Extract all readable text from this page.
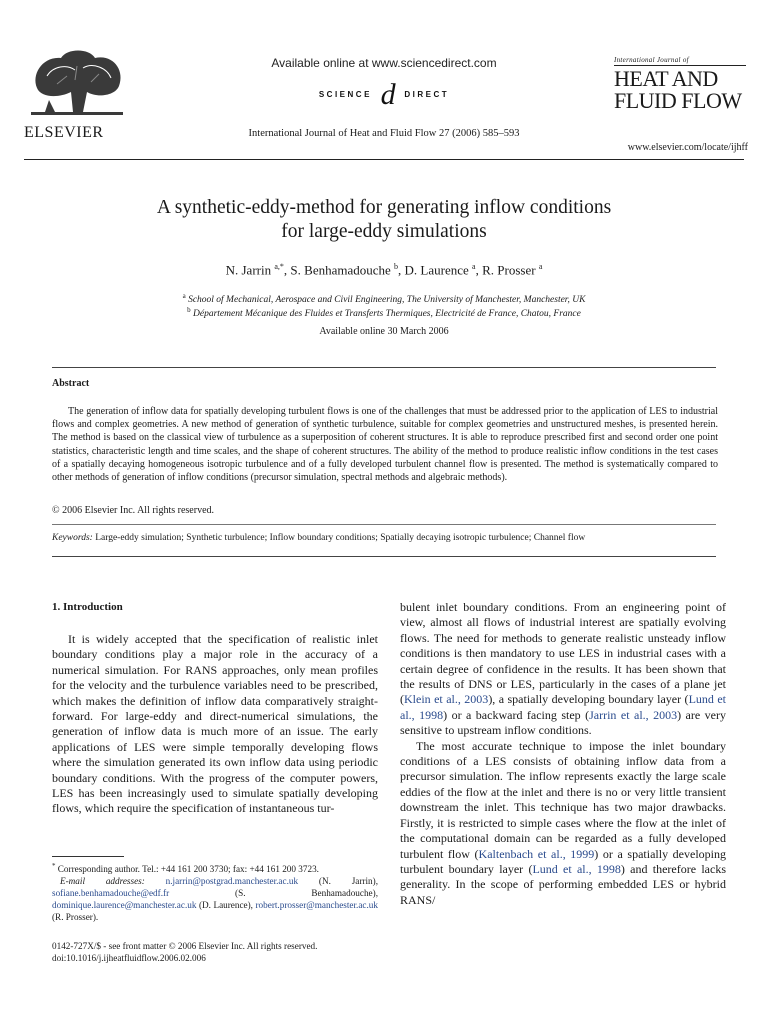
ELSEVIER
Available online at www.sciencedirect.com
SCIENCE d DIRECT
International Journal of Heat and Fluid Flow 27 (2006) 585–593
International Journal of
HEAT AND
FLUID FLOW
www.elsevier.com/locate/ijhff
A synthetic-eddy-method for generating inflow conditions
for large-eddy simulations
N. Jarrin $^{a,*}$, S. Benhamadouche $^b$, D. Laurence $^a$, R. Prosser $^a$
$^a$ School of Mechanical, Aerospace and Civil Engineering, The University of Manchester, Manchester, UK
$^b$ Département Mécanique des Fluides et Transferts Thermiques, Electricité de France, Chatou, France
Available online 30 March 2006
Abstract
The generation of inflow data for spatially developing turbulent flows is one of the challenges that must be addressed prior to the application of LES to industrial flows and complex geometries. A new method of generation of synthetic turbulence, suitable for complex geometries and unstructured meshes, is presented herein. The method is based on the classical view of turbulence as a superposition of coherent structures. It is able to reproduce prescribed first and second order one point statistics, characteristic length and time scales, and the shape of coherent structures. The ability of the method to produce realistic inflow conditions in the test cases of a spatially decaying homogeneous isotropic turbulence and of a fully developed turbulent channel flow is presented. The method is systematically compared to other methods of generation of inflow conditions (precursor simulation, spectral methods and algebraic methods).
© 2006 Elsevier Inc. All rights reserved.
Keywords: Large-eddy simulation; Synthetic turbulence; Inflow boundary conditions; Spatially decaying isotropic turbulence; Channel flow
1. Introduction
It is widely accepted that the specification of realistic inlet boundary conditions play a major role in the accuracy of a numerical simulation. For RANS approaches, only mean profiles for the velocity and the turbulence variables need to be prescribed, which makes the definition of inflow data comparatively straight-forward. For large-eddy and direct-numerical simulations, the generation of inflow data is much more of an issue. The early applications of LES were simple temporally developing flows where the simulation generated its own inflow data using periodic boundary conditions. With the progress of the computer powers, LES has been increasingly used to simulate spatially developing flows, which require the specification of instantaneous tur-

bulent inlet boundary conditions. From an engineering point of view, almost all flows of industrial interest are spatially evolving flows. The need for methods to generate realistic unsteady inflow conditions is then mandatory to use LES in industrial cases with a certain degree of confidence in the results. It has been shown that the results of DNS or LES, particularly in the cases of a plane jet (Klein et al., 2003), a spatially developing boundary layer (Lund et al., 1998) or a backward facing step (Jarrin et al., 2003) are very sensitive to upstream inflow conditions.

The most accurate technique to impose the inlet boundary conditions of a LES consists of obtaining inflow data from a precursor simulation. The inflow represents exactly the large scale eddies of the flow at the inlet and there is no or very little transient downstream the inlet. This technique has two major drawbacks. Firstly, it is restricted to simple cases where the flow at the inlet of the computational domain can be regarded as a fully developed turbulent flow (Kaltenbach et al., 1999) or a spatially developing turbulent boundary layer (Lund et al., 1998) and therefore lacks generality. In the scope of performing embedded LES or hybrid RANS/

* Corresponding author. Tel.: +44 161 200 3730; fax: +44 161 200 3723.
E-mail addresses: n.jarrin@postgrad.manchester.ac.uk (N. Jarrin), sofiane.benhamadouche@edf.fr	(S. Benhamadouche), dominique.laurence@manchester.ac.uk (D. Laurence), robert.prosser@manchester.ac.uk (R. Prosser).
0142-727X/$ - see front matter © 2006 Elsevier Inc. All rights reserved.
doi:10.1016/j.ijheatfluidflow.2006.02.006
